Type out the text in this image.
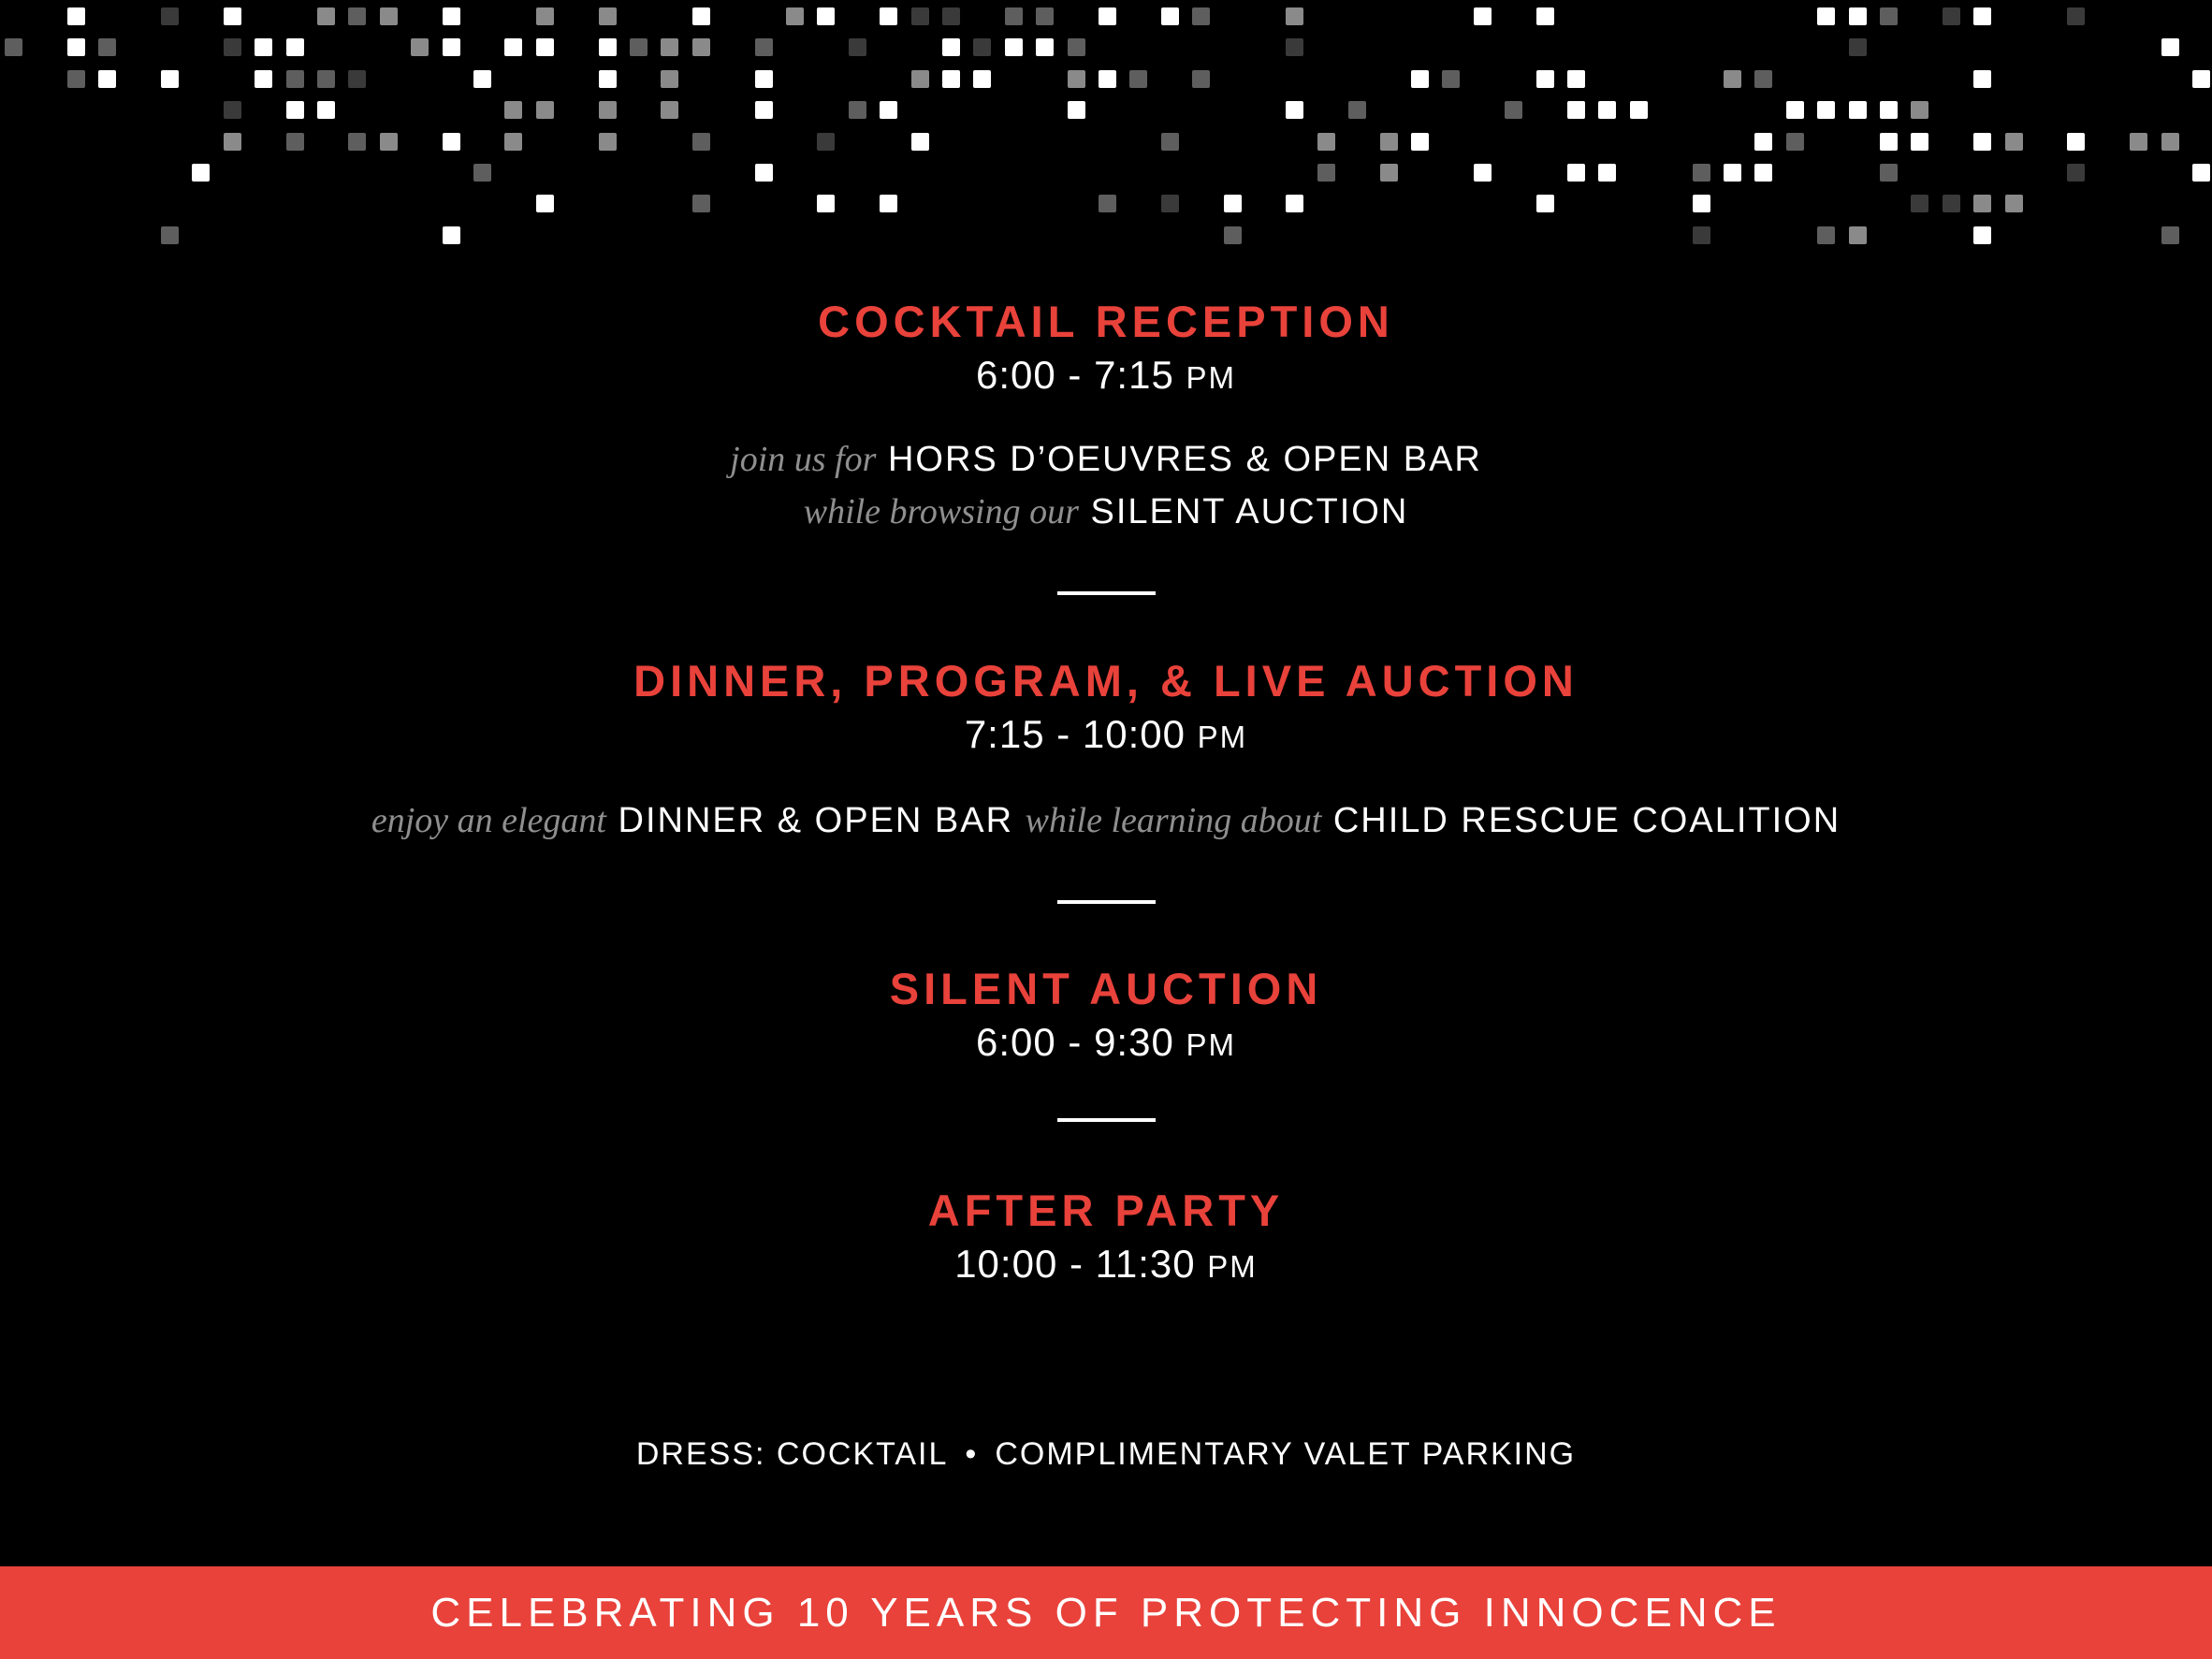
COCKTAIL RECEPTION
6:00 - 7:15 PM
join us for HORS D’OEUVRES & OPEN BAR
while browsing our SILENT AUCTION
DINNER, PROGRAM, & LIVE AUCTION
7:15 - 10:00 PM
enjoy an elegant DINNER & OPEN BAR while learning about CHILD RESCUE COALITION
SILENT AUCTION
6:00 - 9:30 PM
AFTER PARTY
10:00 - 11:30 PM
DRESS: COCKTAIL • COMPLIMENTARY VALET PARKING
CELEBRATING 10 YEARS OF PROTECTING INNOCENCE
